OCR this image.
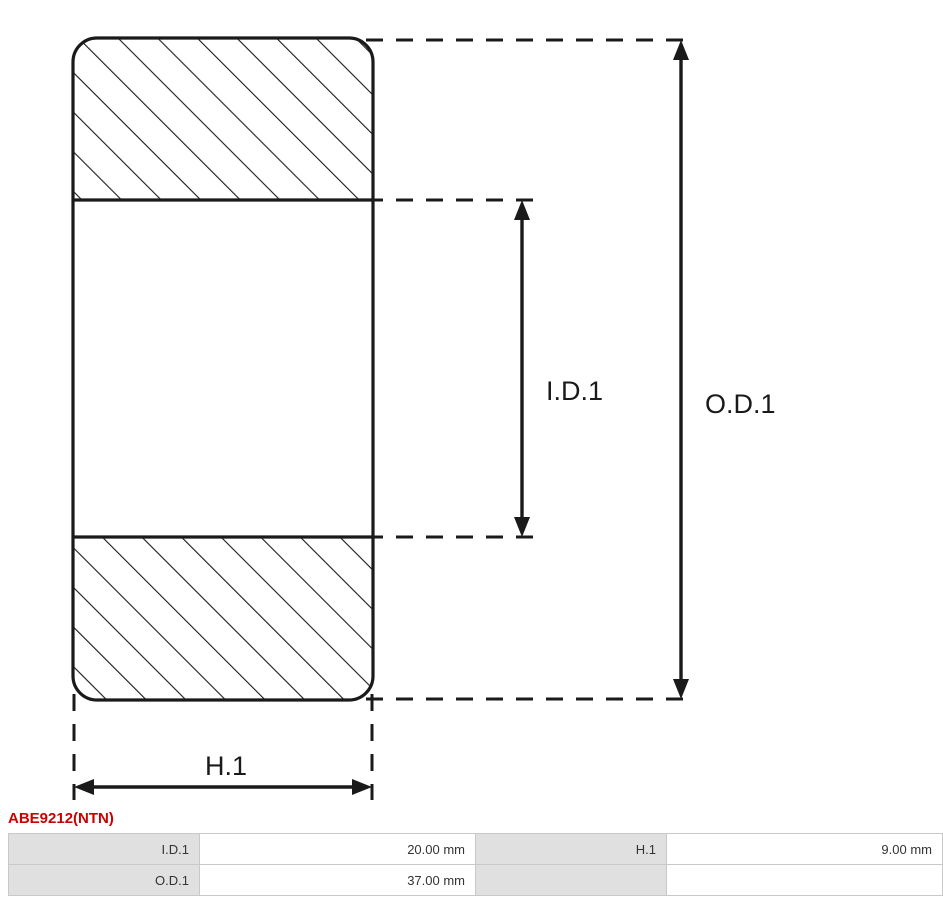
I.D.1	O.D.1
H.1
ABE9212(NTN)
I.D.1	20.00 mm	H.1	9.00 mm
O.D.1	37.00 mm		
